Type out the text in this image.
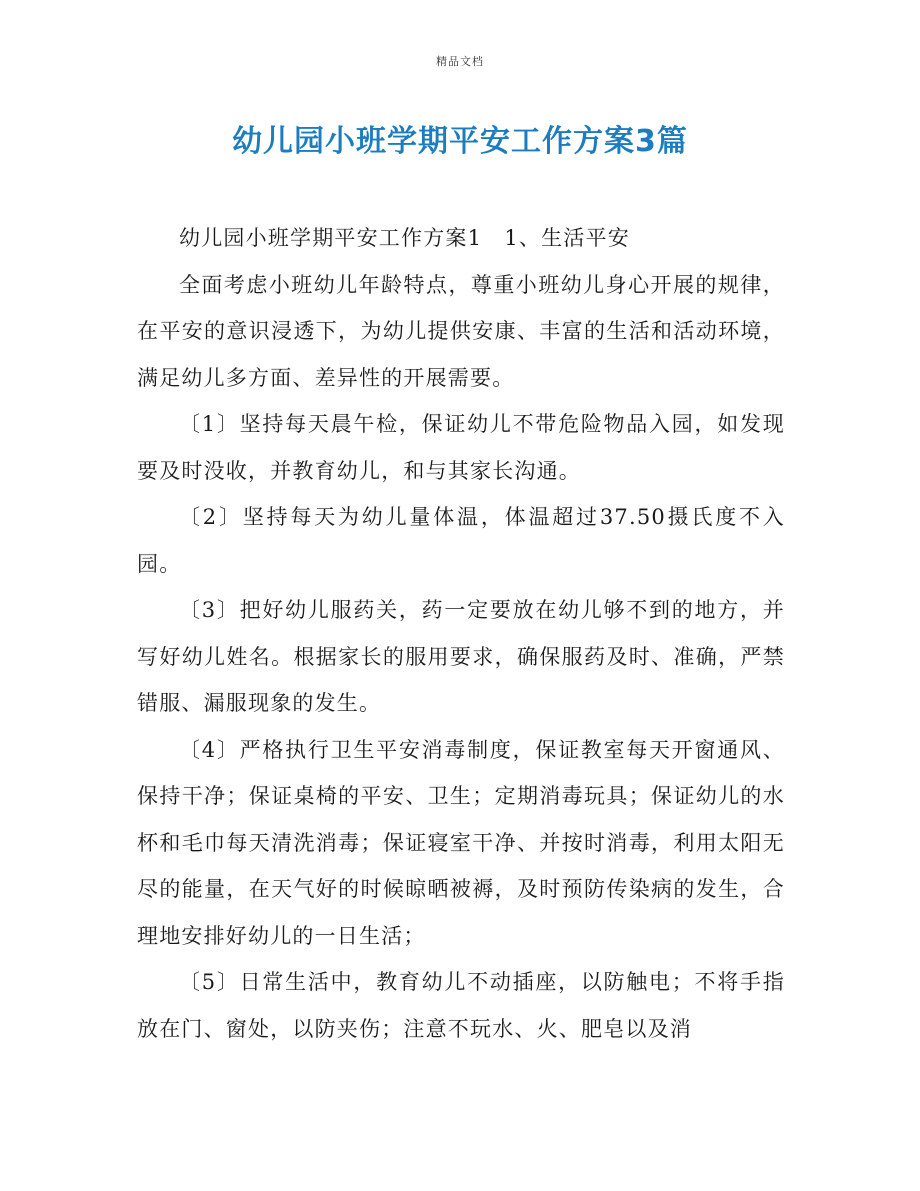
精品文档
幼儿园小班学期平安工作方案3篇

幼儿园小班学期平安工作方案1　1、生活平安

全面考虑小班幼儿年龄特点，尊重小班幼儿身心开展的规律，在平安的意识浸透下，为幼儿提供安康、丰富的生活和活动环境，满足幼儿多方面、差异性的开展需要。

〔1〕坚持每天晨午检，保证幼儿不带危险物品入园，如发现要及时没收，并教育幼儿，和与其家长沟通。

〔2〕坚持每天为幼儿量体温，体温超过37.50摄氏度不入园。

〔3〕把好幼儿服药关，药一定要放在幼儿够不到的地方，并写好幼儿姓名。根据家长的服用要求，确保服药及时、准确，严禁错服、漏服现象的发生。

〔4〕严格执行卫生平安消毒制度，保证教室每天开窗通风、保持干净；保证桌椅的平安、卫生；定期消毒玩具；保证幼儿的水杯和毛巾每天清洗消毒；保证寝室干净、并按时消毒，利用太阳无尽的能量，在天气好的时候晾晒被褥，及时预防传染病的发生，合理地安排好幼儿的一日生活；

〔5〕日常生活中，教育幼儿不动插座，以防触电；不将手指放在门、窗处，以防夹伤；注意不玩水、火、肥皂以及消
